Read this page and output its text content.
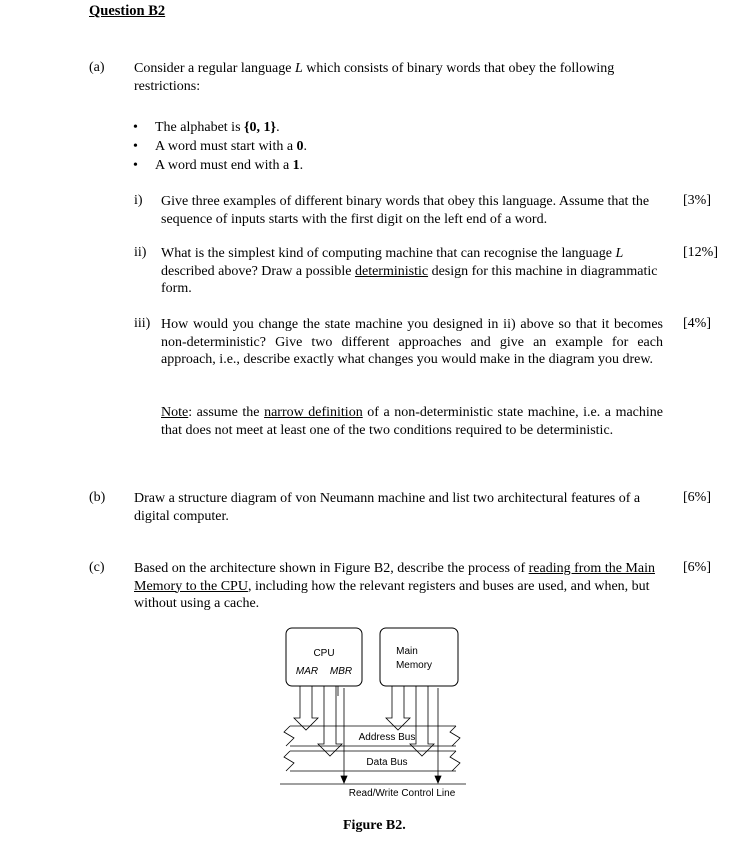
Question B2
(a) Consider a regular language L which consists of binary words that obey the following restrictions:
• The alphabet is {0, 1}.
• A word must start with a 0.
• A word must end with a 1.
i) Give three examples of different binary words that obey this language. Assume that the sequence of inputs starts with the first digit on the left end of a word.
[3%]
ii) What is the simplest kind of computing machine that can recognise the language L described above? Draw a possible deterministic design for this machine in diagrammatic form.
[12%]
iii) How would you change the state machine you designed in ii) above so that it becomes non-deterministic? Give two different approaches and give an example for each approach, i.e., describe exactly what changes you would make in the diagram you drew.
[4%]
Note: assume the narrow definition of a non-deterministic state machine, i.e. a machine that does not meet at least one of the two conditions required to be deterministic.
(b) Draw a structure diagram of von Neumann machine and list two architectural features of a digital computer.
[6%]
(c) Based on the architecture shown in Figure B2, describe the process of reading from the Main Memory to the CPU, including how the relevant registers and buses are used, and when, but without using a cache.
[6%]
CPU
MAR MBR
Main
Memory
Address Bus
Data Bus
Read/Write Control Line
Figure B2.
